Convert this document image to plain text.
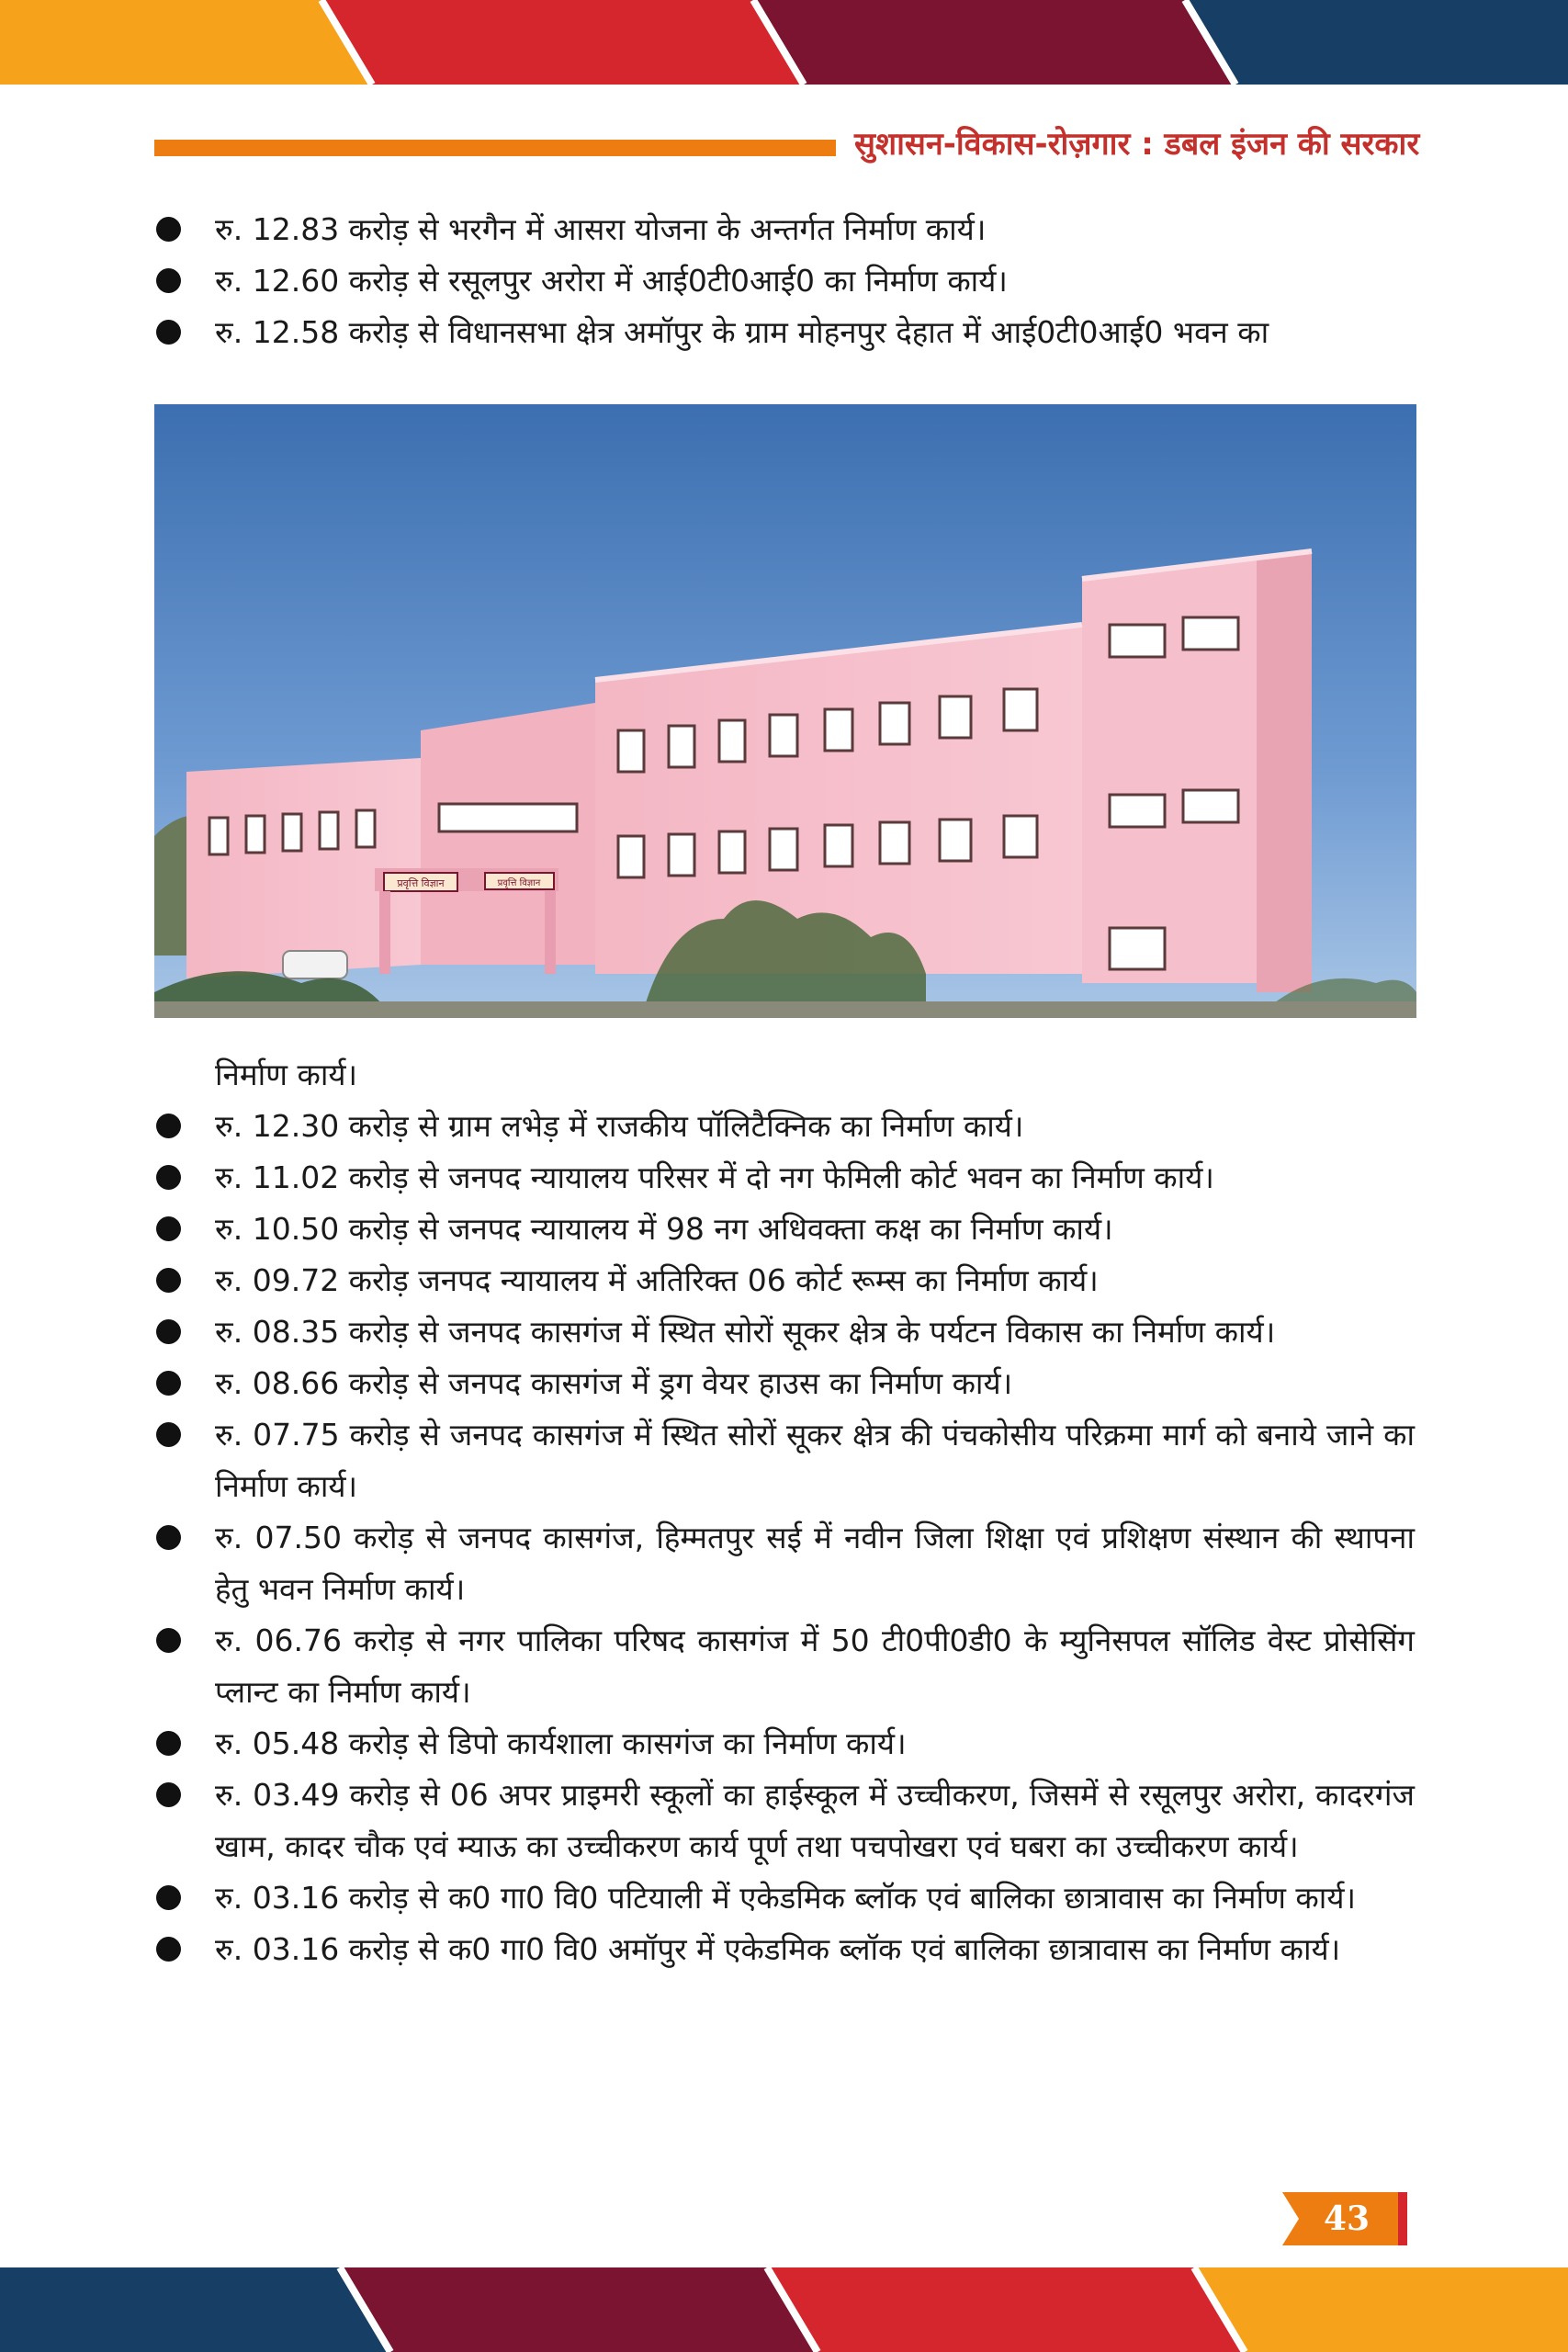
सुशासन-विकास-रोज़गार : डबल इंजन की सरकार
रु. 12.83 करोड़ से भरगैन में आसरा योजना के अन्तर्गत निर्माण कार्य।
रु. 12.60 करोड़ से रसूलपुर अरोरा में आई0टी0आई0 का निर्माण कार्य।
रु. 12.58 करोड़ से विधानसभा क्षेत्र अमॉपुर के ग्राम मोहनपुर देहात में आई0टी0आई0 भवन का
प्रवृत्ति विज्ञान	प्रवृत्ति विज्ञान
निर्माण कार्य।
रु. 12.30 करोड़ से ग्राम लभेड़ में राजकीय पॉलिटैक्निक का निर्माण कार्य।
रु. 11.02 करोड़ से जनपद न्यायालय परिसर में दो नग फेमिली कोर्ट भवन का निर्माण कार्य।
रु. 10.50 करोड़ से जनपद न्यायालय में 98 नग अधिवक्ता कक्ष का निर्माण कार्य।
रु. 09.72 करोड़ जनपद न्यायालय में अतिरिक्त 06 कोर्ट रूम्स का निर्माण कार्य।
रु. 08.35 करोड़ से जनपद कासगंज में स्थित सोरों सूकर क्षेत्र के पर्यटन विकास का निर्माण कार्य।
रु. 08.66 करोड़ से जनपद कासगंज में ड्रग वेयर हाउस का निर्माण कार्य।
रु. 07.75 करोड़ से जनपद कासगंज में स्थित सोरों सूकर क्षेत्र की पंचकोसीय परिक्रमा मार्ग को बनाये जाने का निर्माण कार्य।
रु. 07.50 करोड़ से जनपद कासगंज, हिम्मतपुर सई में नवीन जिला शिक्षा एवं प्रशिक्षण संस्थान की स्थापना हेतु भवन निर्माण कार्य।
रु. 06.76 करोड़ से नगर पालिका परिषद कासगंज में 50 टी0पी0डी0 के म्युनिसपल सॉलिड वेस्ट प्रोसेसिंग प्लान्ट का निर्माण कार्य।
रु. 05.48 करोड़ से डिपो कार्यशाला कासगंज का निर्माण कार्य।
रु. 03.49 करोड़ से 06 अपर प्राइमरी स्कूलों का हाईस्कूल में उच्चीकरण, जिसमें से रसूलपुर अरोरा, कादरगंज खाम, कादर चौक एवं म्याऊ का उच्चीकरण कार्य पूर्ण तथा पचपोखरा एवं घबरा का उच्चीकरण कार्य।
रु. 03.16 करोड़ से क0 गा0 वि0 पटियाली में एकेडमिक ब्लॉक एवं बालिका छात्रावास का निर्माण कार्य।
रु. 03.16 करोड़ से क0 गा0 वि0 अमॉपुर में एकेडमिक ब्लॉक एवं बालिका छात्रावास का निर्माण कार्य।
43
